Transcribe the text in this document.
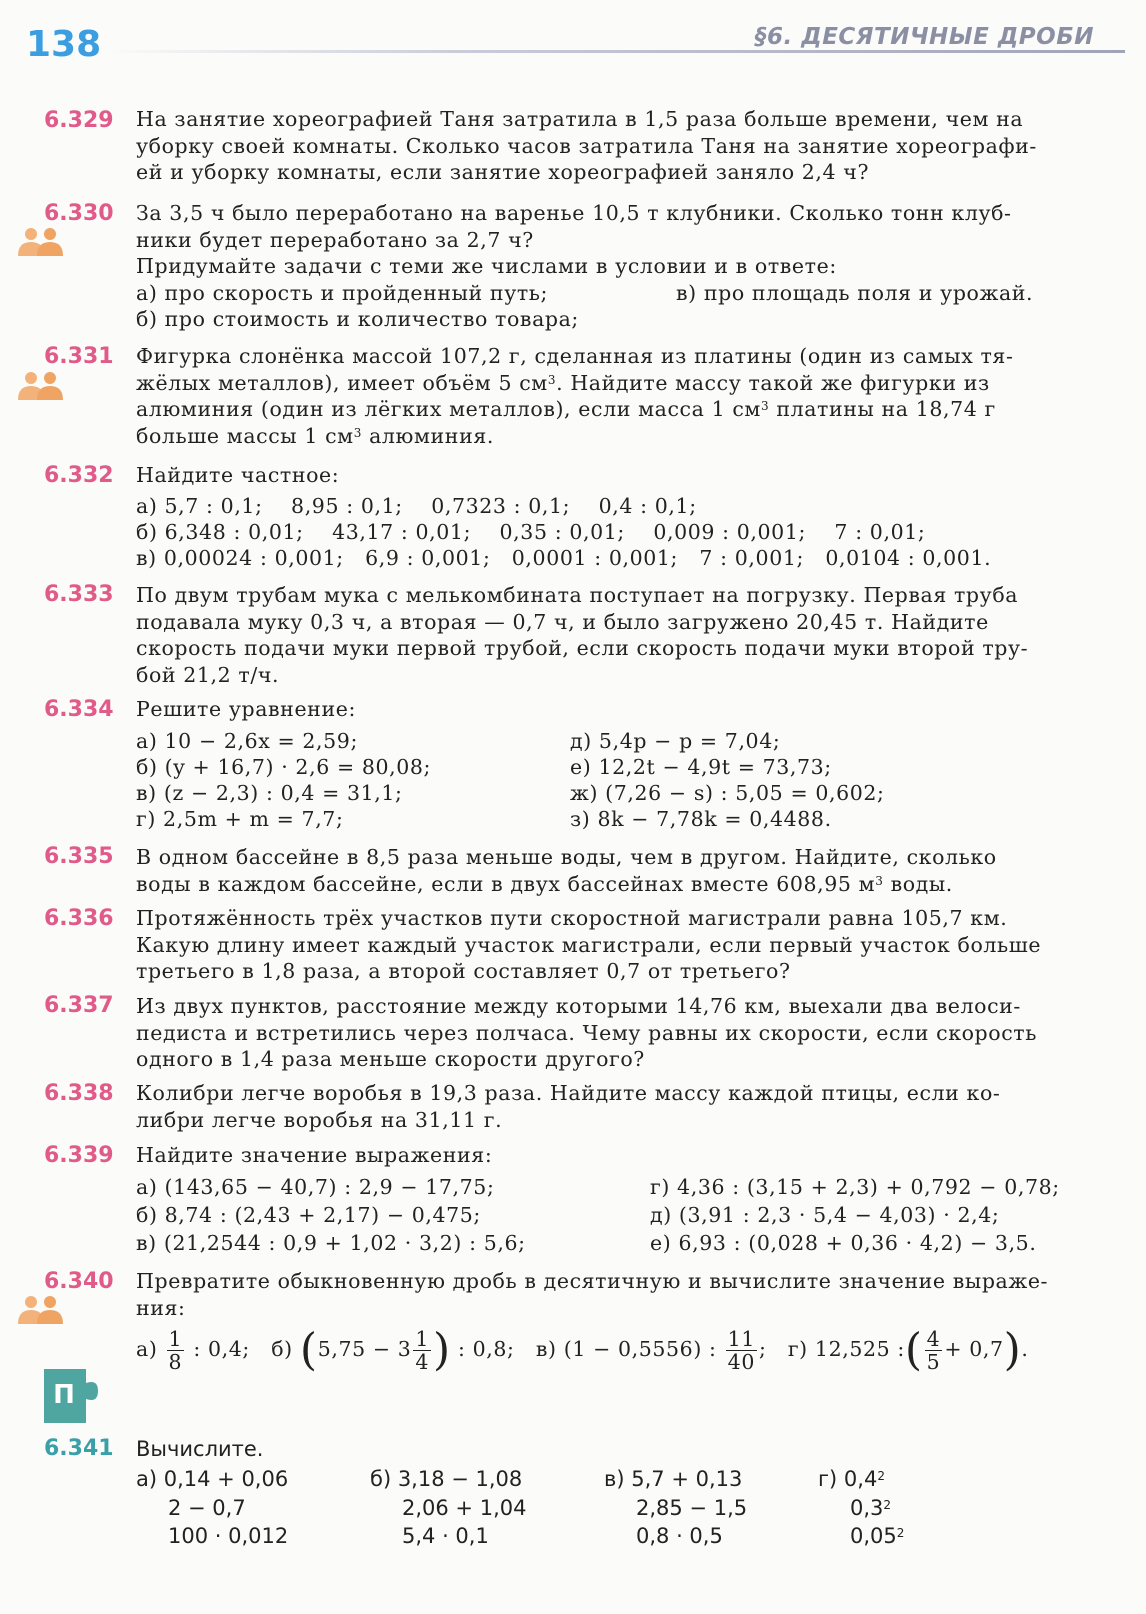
138	§6. ДЕСЯТИЧНЫЕ ДРОБИ
6.329 На занятие хореографией Таня затратила в 1,5 раза больше времени, чем на

уборку своей комнаты. Сколько часов затратила Таня на занятие хореографи-

ей и уборку комнаты, если занятие хореографией заняло 2,4 ч?

6.330 За 3,5 ч было переработано на варенье 10,5 т клубники. Сколько тонн клуб-

ники будет переработано за 2,7 ч?

Придумайте задачи с теми же числами в условии и в ответе:

а) про скорость и пройденный путь;	в) про площадь поля и урожай.
б) про стоимость и количество товара;
6.331 Фигурка слонёнка массой 107,2 г, сделанная из платины (один из самых тя-

жёлых металлов), имеет объём 5 $см^3$. Найдите массу такой же фигурки из

алюминия (один из лёгких металлов), если масса 1 $см^3$ платины на 18,74 г

больше массы 1 $см^3$ алюминия.

6.332 Найдите частное:
а) 5,7 : 0,1;    8,95 : 0,1;    0,7323 : 0,1;    0,4 : 0,1;
б) 6,348 : 0,01;    43,17 : 0,01;    0,35 : 0,01;    0,009 : 0,001;    7 : 0,01;
в) 0,00024 : 0,001;   6,9 : 0,001;   0,0001 : 0,001;   7 : 0,001;   0,0104 : 0,001.
6.333 По двум трубам мука с мелькомбината поступает на погрузку. Первая труба

подавала муку 0,3 ч, а вторая — 0,7 ч, и было загружено 20,45 т. Найдите

скорость подачи муки первой трубой, если скорость подачи муки второй тру-

бой 21,2 т/ч.

6.334 Решите уравнение:
а) 10 − 2,6x = 2,59;
б) (y + 16,7) · 2,6 = 80,08;
в) (z − 2,3) : 0,4 = 31,1;
г) 2,5m + m = 7,7;
д) 5,4p − p = 7,04;
е) 12,2t − 4,9t = 73,73;
ж) (7,26 − s) : 5,05 = 0,602;
з) 8k − 7,78k = 0,4488.
6.335 В одном бассейне в 8,5 раза меньше воды, чем в другом. Найдите, сколько

воды в каждом бассейне, если в двух бассейнах вместе 608,95 $м^3$ воды.

6.336 Протяжённость трёх участков пути скоростной магистрали равна 105,7 км.

Какую длину имеет каждый участок магистрали, если первый участок больше

третьего в 1,8 раза, а второй составляет 0,7 от третьего?

6.337 Из двух пунктов, расстояние между которыми 14,76 км, выехали два велоси-

педиста и встретились через полчаса. Чему равны их скорости, если скорость

одного в 1,4 раза меньше скорости другого?

6.338 Колибри легче воробья в 19,3 раза. Найдите массу каждой птицы, если ко-

либри легче воробья на 31,11 г.

6.339 Найдите значение выражения:
а) (143,65 − 40,7) : 2,9 − 17,75;
б) 8,74 : (2,43 + 2,17) − 0,475;
в) (21,2544 : 0,9 + 1,02 · 3,2) : 5,6;
г) 4,36 : (3,15 + 2,3) + 0,792 − 0,78;
д) (3,91 : 2,3 · 5,4 − 4,03) · 2,4;
е) 6,93 : (0,028 + 0,36 · 4,2) − 3,5.
6.340 Превратите обыкновенную дробь в десятичную и вычислите значение выраже-

ния:

$а) \frac{1}{8}$ : 0,4; б) ($5,75 - 3 \frac{1}{4}$ ) : 0,8; в) (1 − 0,5556) : $\frac{11}{40}$ ; г) 12,525 :( $\frac{4}{5} + 0,7$).
П
6.341 Вычислите.
а) 0,14 + 0,06
2 − 0,7
100 · 0,012
б) 3,18 − 1,08
2,06 + 1,04
5,4 · 0,1
в) 5,7 + 0,13
2,85 − 1,5
0,8 · 0,5
г) $0,4^2$
$0,3^2$
0,05$^2$
